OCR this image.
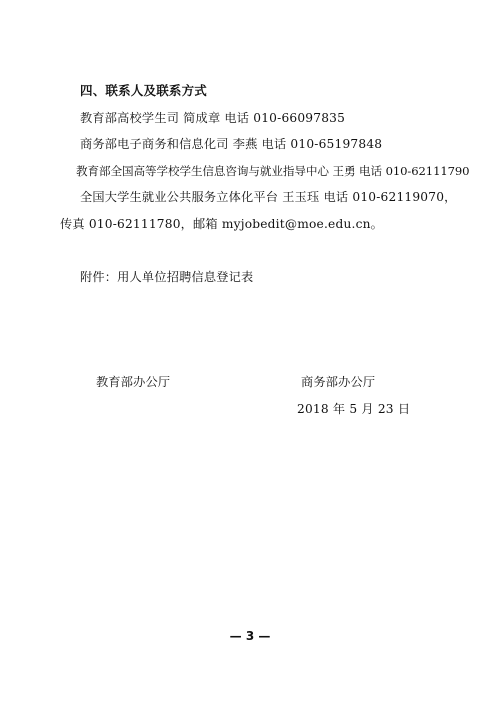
四、联系人及联系方式
教育部高校学生司 简成章 电话 010-66097835
商务部电子商务和信息化司 李燕 电话 010-65197848
教育部全国高等学校学生信息咨询与就业指导中心 王勇 电话 010-62111790
全国大学生就业公共服务立体化平台 王玉珏 电话 010-62119070，
传真 010-62111780，邮箱 myjobedit@moe.edu.cn。
附件：用人单位招聘信息登记表
教育部办公厅	商务部办公厅
2018 年 5 月 23 日
— 3 —
